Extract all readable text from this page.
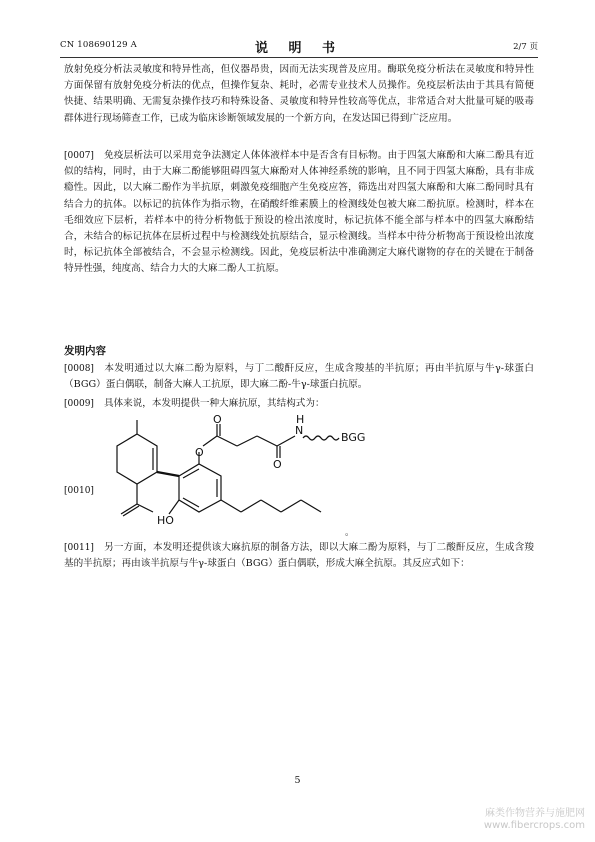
CN 108690129 A	说 明 书	2/7 页
放射免疫分析法灵敏度和特异性高，但仪器昂贵，因而无法实现普及应用。酶联免疫分析法在灵敏度和特异性方面保留有放射免疫分析法的优点，但操作复杂、耗时，必需专业技术人员操作。免疫层析法由于其具有简便快捷、结果明确、无需复杂操作技巧和特殊设备、灵敏度和特异性较高等优点，非常适合对大批量可疑的吸毒群体进行现场筛查工作，已成为临床诊断领域发展的一个新方向，在发达国已得到广泛应用。
[0007] 免疫层析法可以采用竞争法测定人体体液样本中是否含有目标物。由于四氢大麻酚和大麻二酚具有近似的结构，同时，由于大麻二酚能够阻碍四氢大麻酚对人体神经系统的影响，且不同于四氢大麻酚，具有非成瘾性。因此，以大麻二酚作为半抗原，刺激免疫细胞产生免疫应答，筛选出对四氢大麻酚和大麻二酚同时具有结合力的抗体。以标记的抗体作为指示物，在硝酸纤维素膜上的检测线处包被大麻二酚抗原。检测时，样本在毛细效应下层析，若样本中的待分析物低于预设的检出浓度时，标记抗体不能全部与样本中的四氢大麻酚结合，未结合的标记抗体在层析过程中与检测线处抗原结合，显示检测线。当样本中待分析物高于预设检出浓度时，标记抗体全部被结合，不会显示检测线。因此，免疫层析法中准确测定大麻代谢物的存在的关键在于制备特异性强，纯度高、结合力大的大麻二酚人工抗原。
发明内容
[0008] 本发明通过以大麻二酚为原料，与丁二酸酐反应，生成含羧基的半抗原；再由半抗原与牛γ-球蛋白（BGG）蛋白偶联，制备大麻人工抗原，即大麻二酚-牛γ-球蛋白抗原。
[0009] 具体来说，本发明提供一种大麻抗原，其结构式为：
[0010]
O
O
O
N
H
BGG
HO
。
[0011] 另一方面，本发明还提供该大麻抗原的制备方法，即以大麻二酚为原料，与丁二酸酐反应，生成含羧基的半抗原；再由该半抗原与牛γ-球蛋白（BGG）蛋白偶联，形成大麻全抗原。其反应式如下：
5
麻类作物营养与施肥网
www.fibercrops.com
